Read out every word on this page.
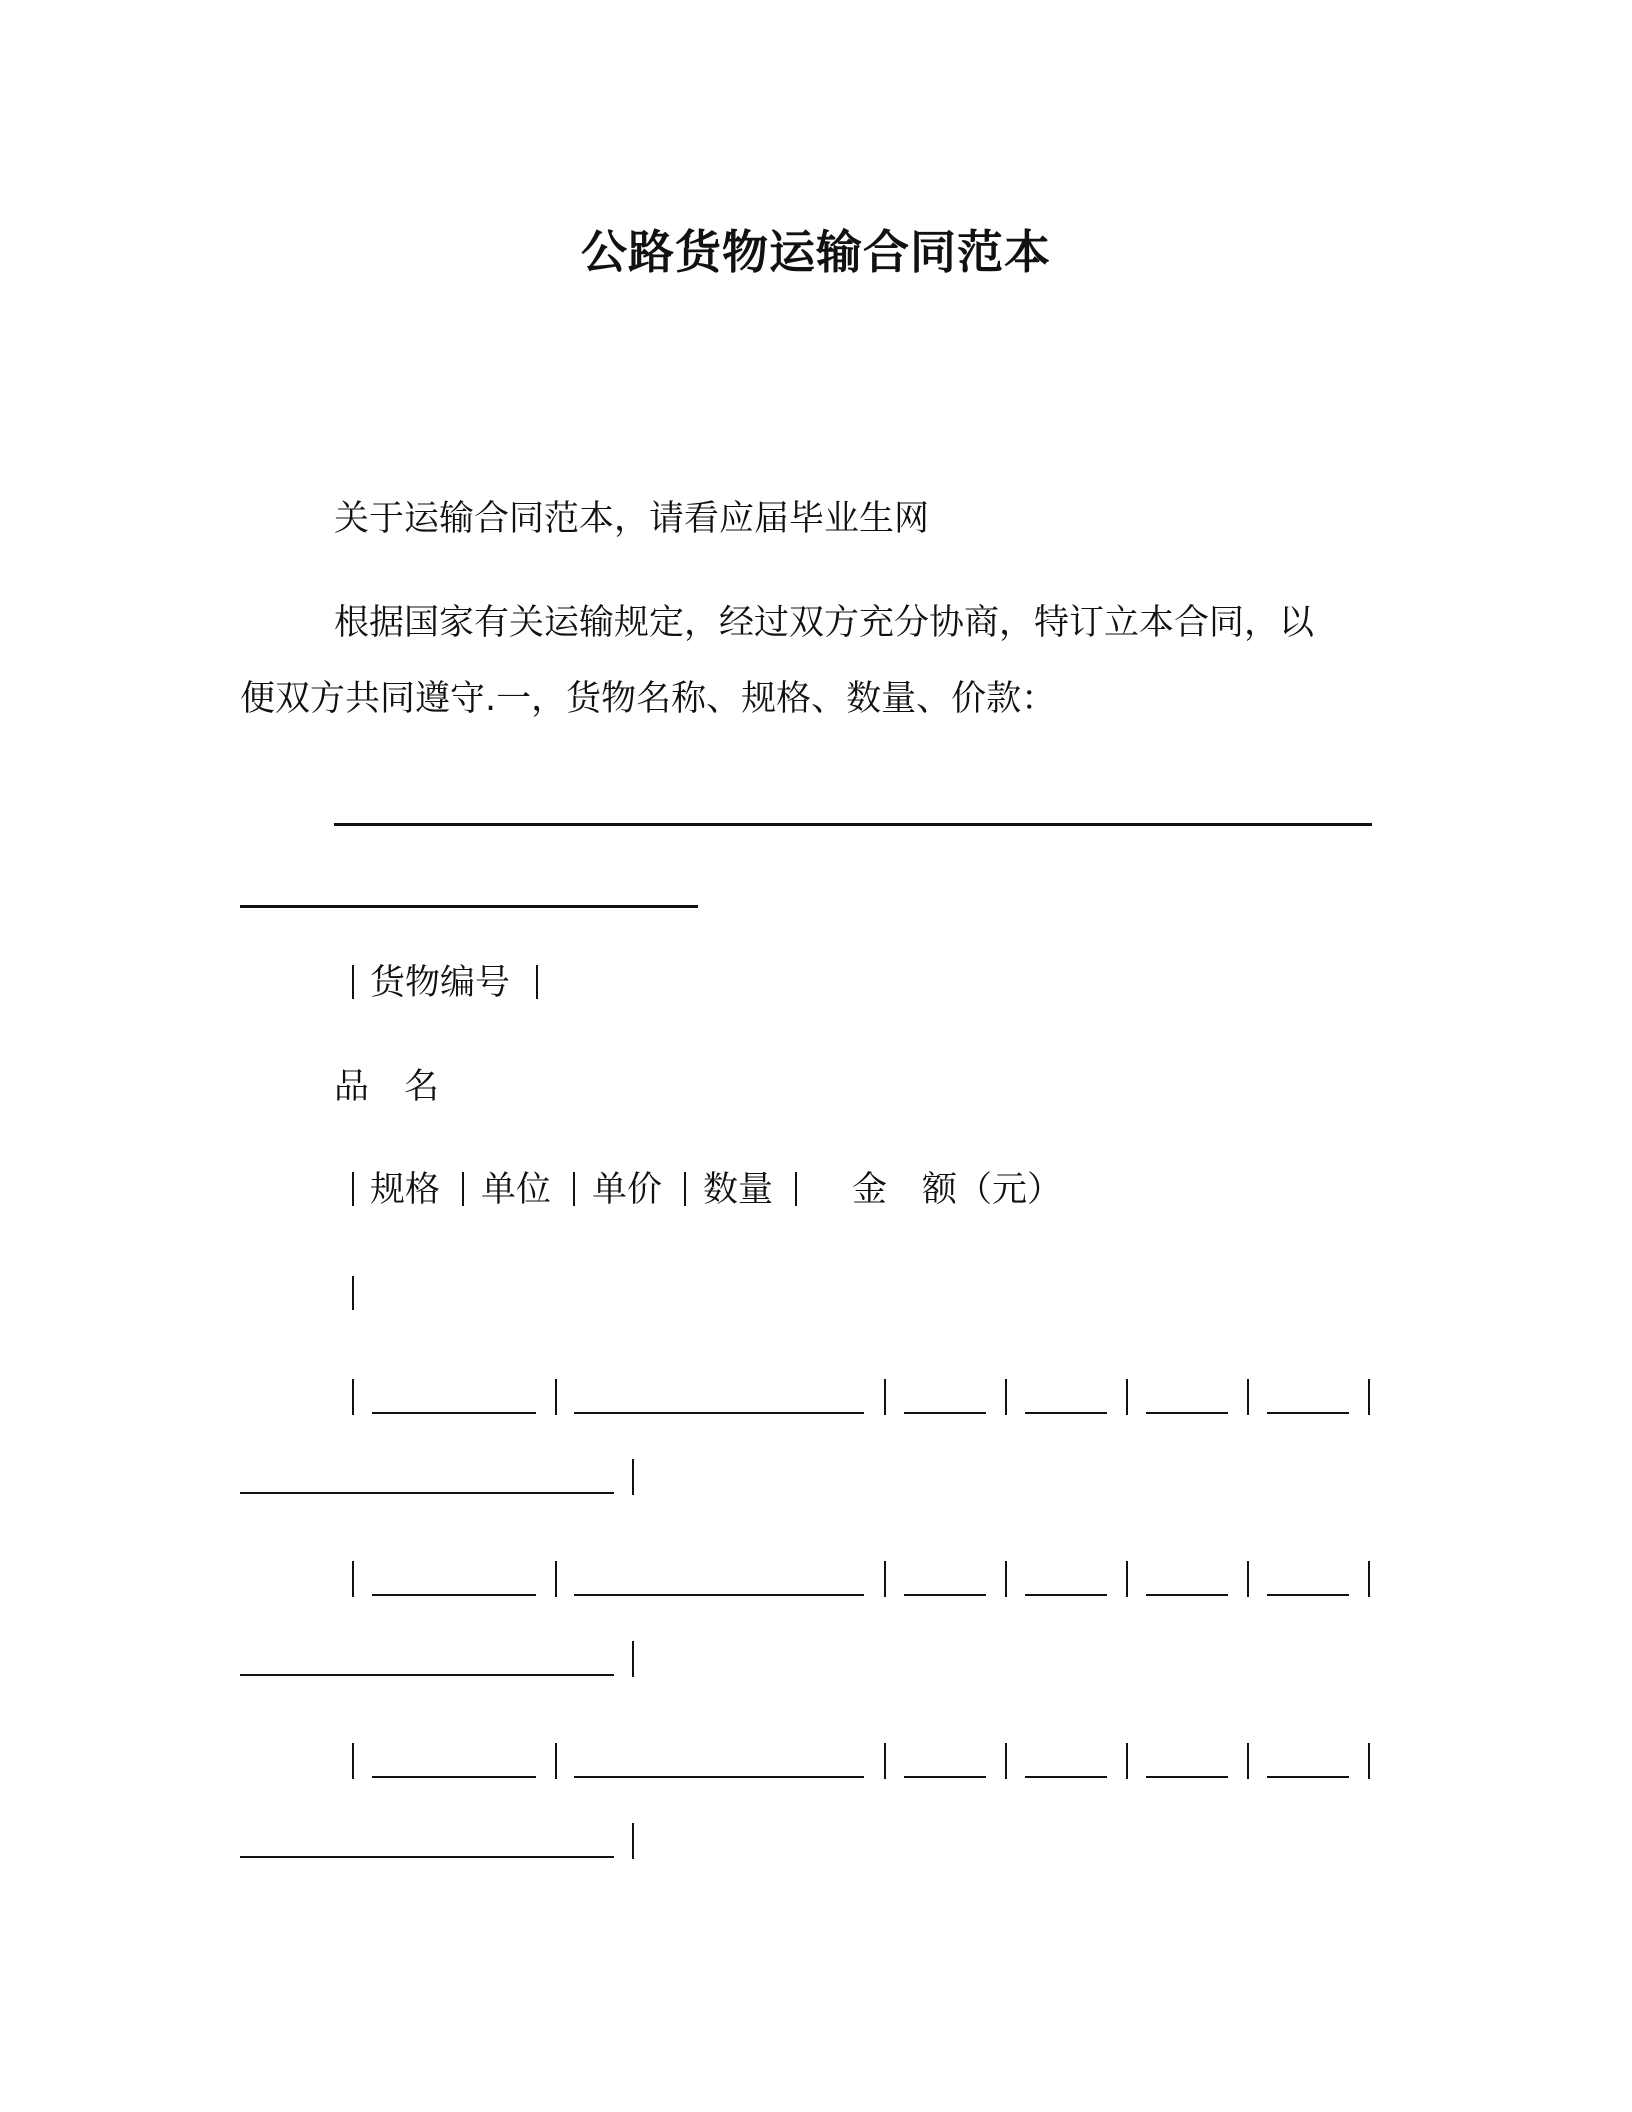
公路货物运输合同范本
关于运输合同范本，请看应届毕业生网
根据国家有关运输规定，经过双方充分协商，特订立本合同，以
便双方共同遵守.一，货物名称、规格、数量、价款：
货物编号
品　名
规格 单位 单价 数量 金　额（元）
